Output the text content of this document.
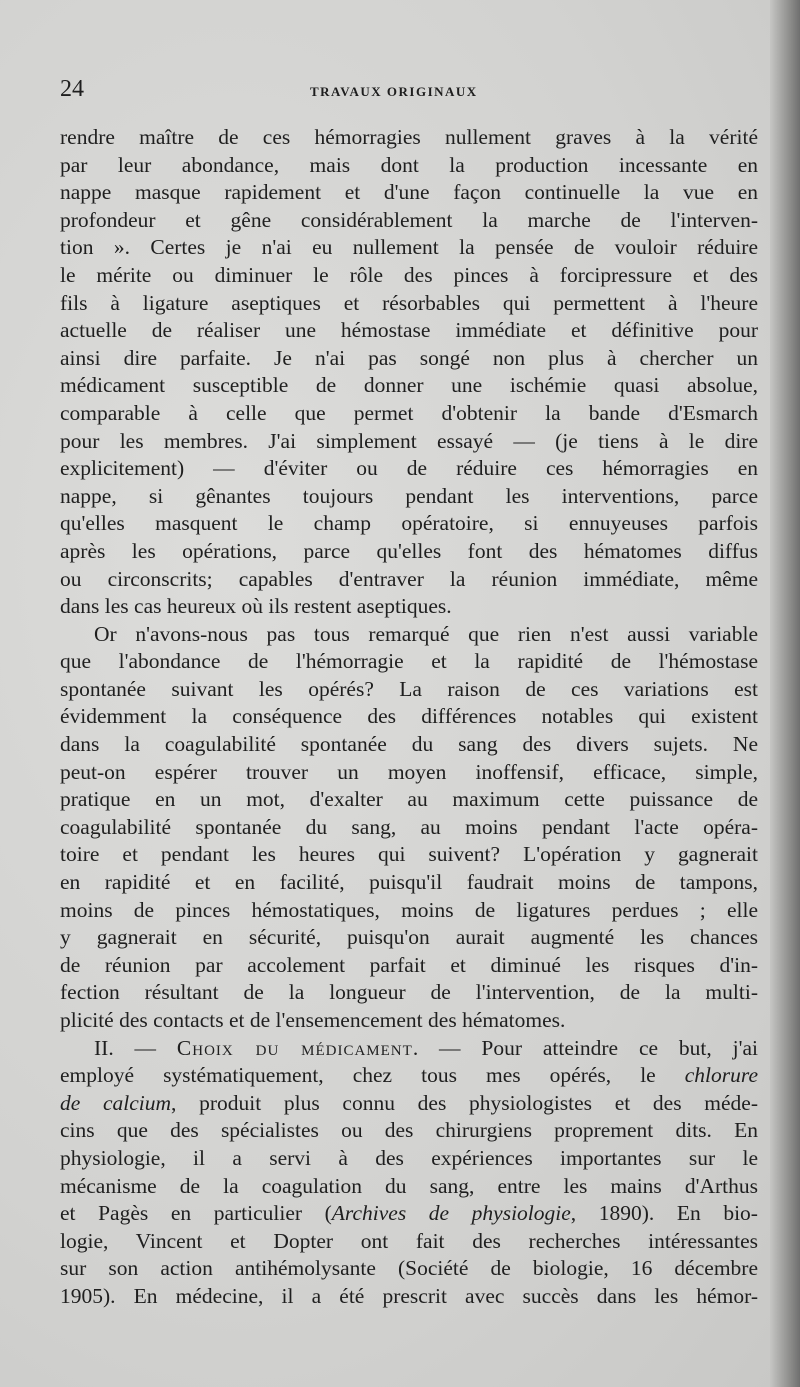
24	TRAVAUX ORIGINAUX

rendre maître de ces hémorragies nullement graves à la vérité

par leur abondance, mais dont la production incessante en

nappe masque rapidement et d'une façon continuelle la vue en

profondeur et gêne considérablement la marche de l'interven-

tion ». Certes je n'ai eu nullement la pensée de vouloir réduire

le mérite ou diminuer le rôle des pinces à forcipressure et des

fils à ligature aseptiques et résorbables qui permettent à l'heure

actuelle de réaliser une hémostase immédiate et définitive pour

ainsi dire parfaite. Je n'ai pas songé non plus à chercher un

médicament susceptible de donner une ischémie quasi absolue,

comparable à celle que permet d'obtenir la bande d'Esmarch

pour les membres. J'ai simplement essayé — (je tiens à le dire

explicitement) — d'éviter ou de réduire ces hémorragies en

nappe, si gênantes toujours pendant les interventions, parce

qu'elles masquent le champ opératoire, si ennuyeuses parfois

après les opérations, parce qu'elles font des hématomes diffus

ou circonscrits; capables d'entraver la réunion immédiate, même

dans les cas heureux où ils restent aseptiques.

Or n'avons-nous pas tous remarqué que rien n'est aussi variable

que l'abondance de l'hémorragie et la rapidité de l'hémostase

spontanée suivant les opérés? La raison de ces variations est

évidemment la conséquence des différences notables qui existent

dans la coagulabilité spontanée du sang des divers sujets. Ne

peut-on espérer trouver un moyen inoffensif, efficace, simple,

pratique en un mot, d'exalter au maximum cette puissance de

coagulabilité spontanée du sang, au moins pendant l'acte opéra-

toire et pendant les heures qui suivent? L'opération y gagnerait

en rapidité et en facilité, puisqu'il faudrait moins de tampons,

moins de pinces hémostatiques, moins de ligatures perdues ; elle

y gagnerait en sécurité, puisqu'on aurait augmenté les chances

de réunion par accolement parfait et diminué les risques d'in-

fection résultant de la longueur de l'intervention, de la multi-

plicité des contacts et de l'ensemencement des hématomes.

II. — Choix du médicament. — Pour atteindre ce but, j'ai

employé systématiquement, chez tous mes opérés, le chlorure

de calcium, produit plus connu des physiologistes et des méde-

cins que des spécialistes ou des chirurgiens proprement dits. En

physiologie, il a servi à des expériences importantes sur le

mécanisme de la coagulation du sang, entre les mains d'Arthus

et Pagès en particulier (Archives de physiologie, 1890). En bio-

logie, Vincent et Dopter ont fait des recherches intéressantes

sur son action antihémolysante (Société de biologie, 16 décembre

1905). En médecine, il a été prescrit avec succès dans les hémor-
